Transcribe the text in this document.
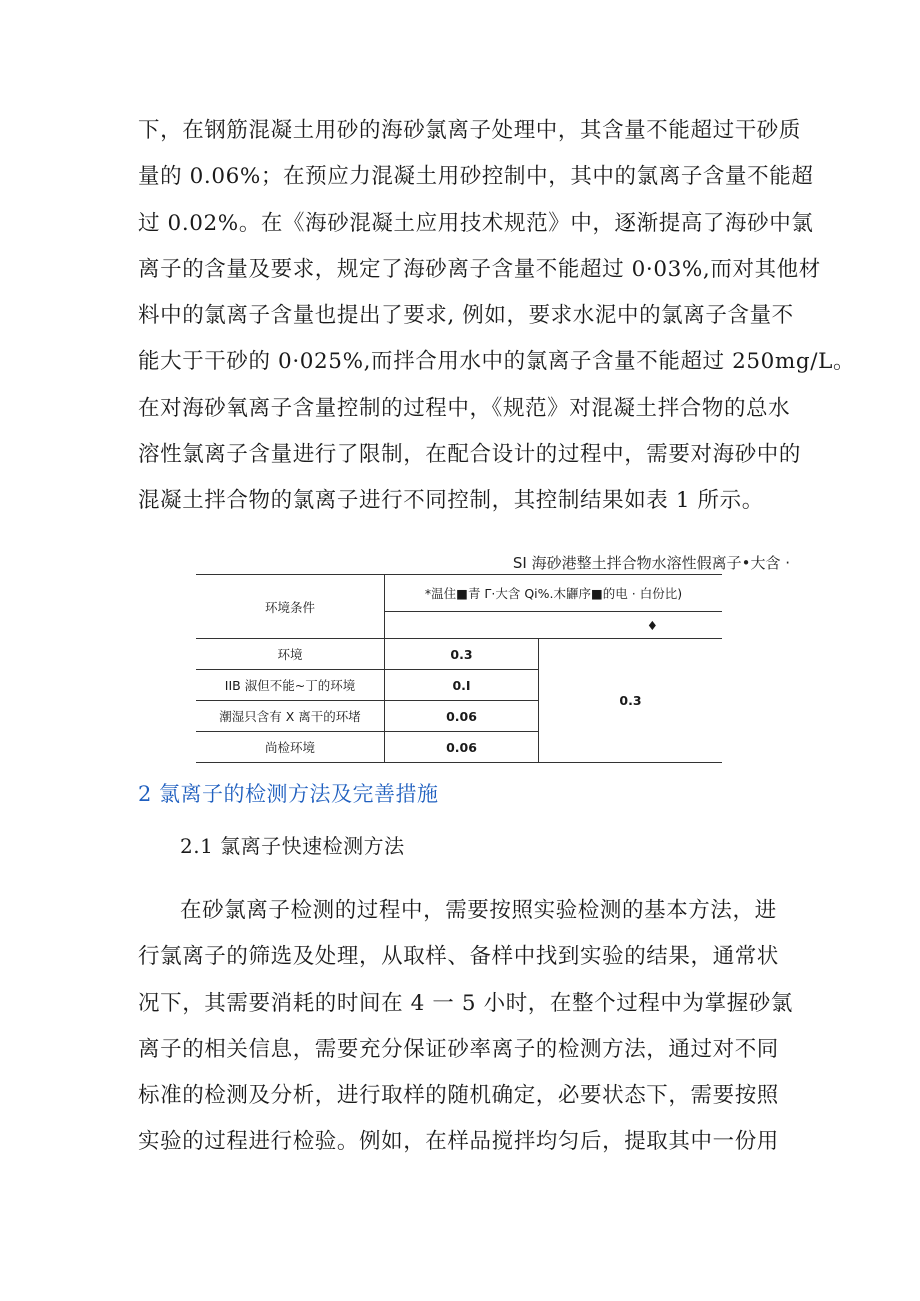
下，在钢筋混凝土用砂的海砂氯离子处理中，其含量不能超过干砂质
量的 0.06%；在预应力混凝土用砂控制中，其中的氯离子含量不能超
过 0.02%。在《海砂混凝土应用技术规范》中，逐渐提高了海砂中氯
离子的含量及要求，规定了海砂离子含量不能超过 0·03%,而对其他材
料中的氯离子含量也提出了要求, 例如，要求水泥中的氯离子含量不
能大于干砂的 0·025%,而拌合用水中的氯离子含量不能超过 250mg/L。
在对海砂氧离子含量控制的过程中，《规范》对混凝土拌合物的总水
溶性氯离子含量进行了限制，在配合设计的过程中，需要对海砂中的
混凝土拌合物的氯离子进行不同控制，其控制结果如表 1 所示。
SI 海砂港整土拌合物水溶性假离子•大含 ·
环境条件	*温住■青 Γ·大含 Qi%.木鼲序■的电 · 白份比)	
	♦	
环境	0.3	0.3
IIB 淑但不能~丁的环境	0.I	
潮湿只含有 X 离干的环堵	0.06	
尚检环境	0.06	
2 氯离子的检测方法及完善措施
2.1 氯离子快速检测方法
在砂氯离子检测的过程中，需要按照实验检测的基本方法，进
行氯离子的筛选及处理，从取样、备样中找到实验的结果，通常状
况下，其需要消耗的时间在 4 一 5 小时，在整个过程中为掌握砂氯
离子的相关信息，需要充分保证砂率离子的检测方法，通过对不同
标准的检测及分析，进行取样的随机确定，必要状态下，需要按照
实验的过程进行检验。例如，在样品搅拌均匀后，提取其中一份用
